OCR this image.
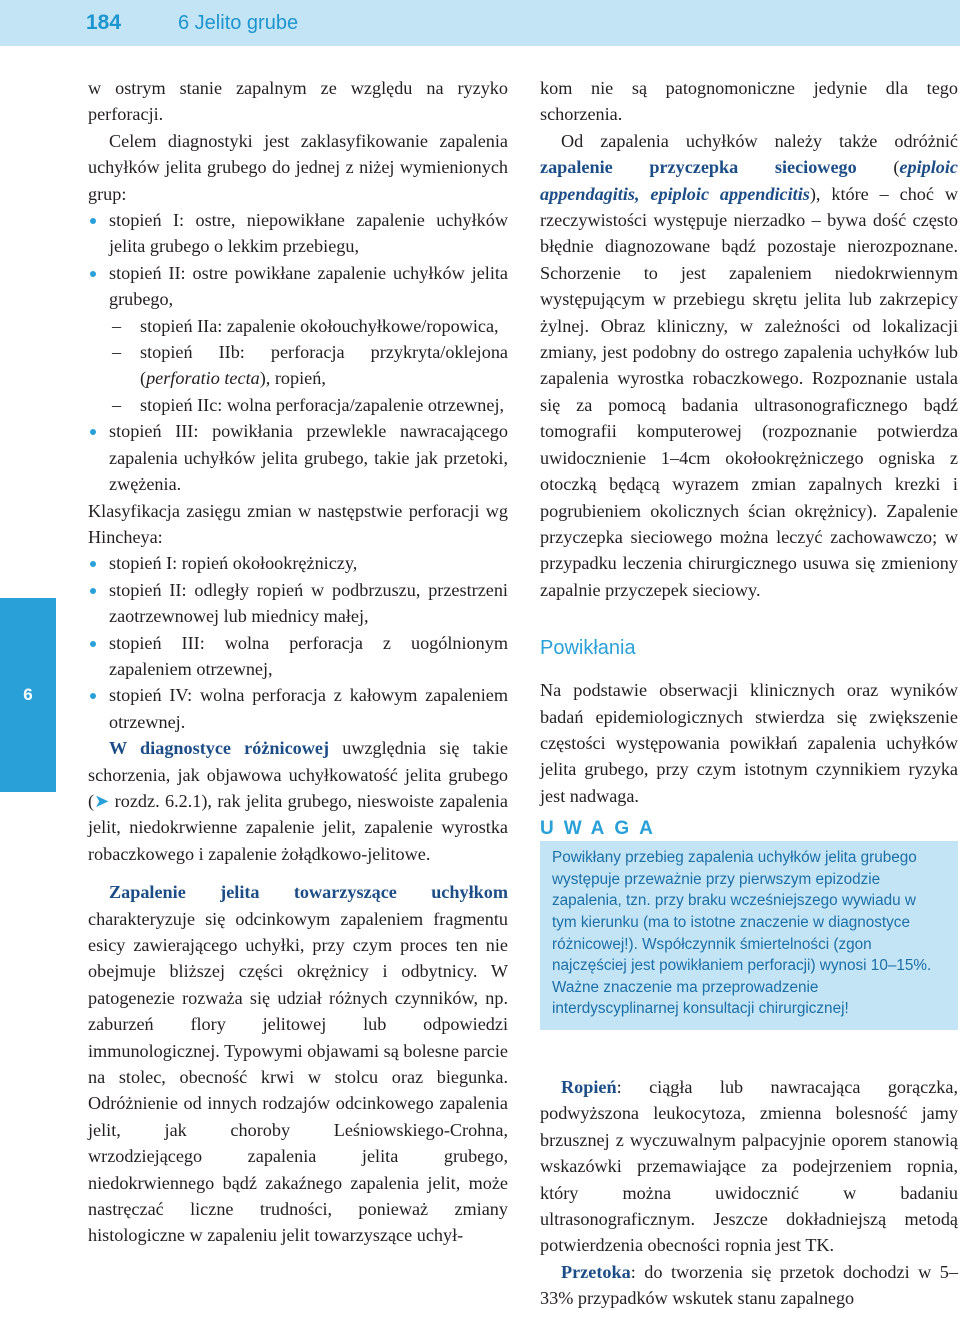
184	6 Jelito grube
6

w ostrym stanie zapalnym ze względu na ryzyko perforacji.

Celem diagnostyki jest zaklasyfikowanie zapalenia uchyłków jelita grubego do jednej z niżej wymienionych grup:

stopień I: ostre, niepowikłane zapalenie uchyłków jelita grubego o lekkim przebiegu,
stopień II: ostre powikłane zapalenie uchyłków jelita grubego,
– stopień IIa: zapalenie okołouchyłkowe/ropowica,
– stopień IIb: perforacja przykryta/oklejona (perforatio tecta), ropień,
– stopień IIc: wolna perforacja/zapalenie otrzewnej,
stopień III: powikłania przewlekle nawracającego zapalenia uchyłków jelita grubego, takie jak przetoki, zwężenia.

Klasyfikacja zasięgu zmian w następstwie perforacji wg Hincheya:

stopień I: ropień okołookrężniczy,
stopień II: odległy ropień w podbrzuszu, przestrzeni zaotrzewnowej lub miednicy małej,
stopień III: wolna perforacja z uogólnionym zapaleniem otrzewnej,
stopień IV: wolna perforacja z kałowym zapaleniem otrzewnej.

W diagnostyce różnicowej uwzględnia się takie schorzenia, jak objawowa uchyłkowatość jelita grubego (➤ rozdz. 6.2.1), rak jelita grubego, nieswoiste zapalenia jelit, niedokrwienne zapalenie jelit, zapalenie wyrostka robaczkowego i zapalenie żołądkowo-jelitowe.

Zapalenie jelita towarzyszące uchyłkom charakteryzuje się odcinkowym zapaleniem fragmentu esicy zawierającego uchyłki, przy czym proces ten nie obejmuje bliższej części okrężnicy i odbytnicy. W patogenezie rozważa się udział różnych czynników, np. zaburzeń flory jelitowej lub odpowiedzi immunologicznej. Typowymi objawami są bolesne parcie na stolec, obecność krwi w stolcu oraz biegunka. Odróżnienie od innych rodzajów odcinkowego zapalenia jelit, jak choroby Leśniowskiego-Crohna, wrzodziejącego zapalenia jelita grubego, niedokrwiennego bądź zakaźnego zapalenia jelit, może nastręczać liczne trudności, ponieważ zmiany histologiczne w zapaleniu jelit towarzyszące uchył-

kom nie są patognomoniczne jedynie dla tego schorzenia.

Od zapalenia uchyłków należy także odróżnić zapalenie przyczepka sieciowego (epiploic appendagitis, epiploic appendicitis), które – choć w rzeczywistości występuje nierzadko – bywa dość często błędnie diagnozowane bądź pozostaje nierozpoznane. Schorzenie to jest zapaleniem niedokrwiennym występującym w przebiegu skrętu jelita lub zakrzepicy żylnej. Obraz kliniczny, w zależności od lokalizacji zmiany, jest podobny do ostrego zapalenia uchyłków lub zapalenia wyrostka robaczkowego. Rozpoznanie ustala się za pomocą badania ultrasonograficznego bądź tomografii komputerowej (rozpoznanie potwierdza uwidocznienie 1–4cm okołookrężniczego ogniska z otoczką będącą wyrazem zmian zapalnych krezki i pogrubieniem okolicznych ścian okrężnicy). Zapalenie przyczepka sieciowego można leczyć zachowawczo; w przypadku leczenia chirurgicznego usuwa się zmieniony zapalnie przyczepek sieciowy.

Powikłania

Na podstawie obserwacji klinicznych oraz wyników badań epidemiologicznych stwierdza się zwiększenie częstości występowania powikłań zapalenia uchyłków jelita grubego, przy czym istotnym czynnikiem ryzyka jest nadwaga.

UWAGA
Powikłany przebieg zapalenia uchyłków jelita grubego występuje przeważnie przy pierwszym epizodzie zapalenia, tzn. przy braku wcześniejszego wywiadu w tym kierunku (ma to istotne znaczenie w diagnostyce różnicowej!). Współczynnik śmiertelności (zgon najczęściej jest powikłaniem perforacji) wynosi 10–15%. Ważne znaczenie ma przeprowadzenie interdyscyplinarnej konsultacji chirurgicznej!

Ropień: ciągła lub nawracająca gorączka, podwyższona leukocytoza, zmienna bolesność jamy brzusznej z wyczuwalnym palpacyjnie oporem stanowią wskazówki przemawiające za podejrzeniem ropnia, który można uwidocznić w badaniu ultrasonograficznym. Jeszcze dokładniejszą metodą potwierdzenia obecności ropnia jest TK.

Przetoka: do tworzenia się przetok dochodzi w 5–33% przypadków wskutek stanu zapalnego
